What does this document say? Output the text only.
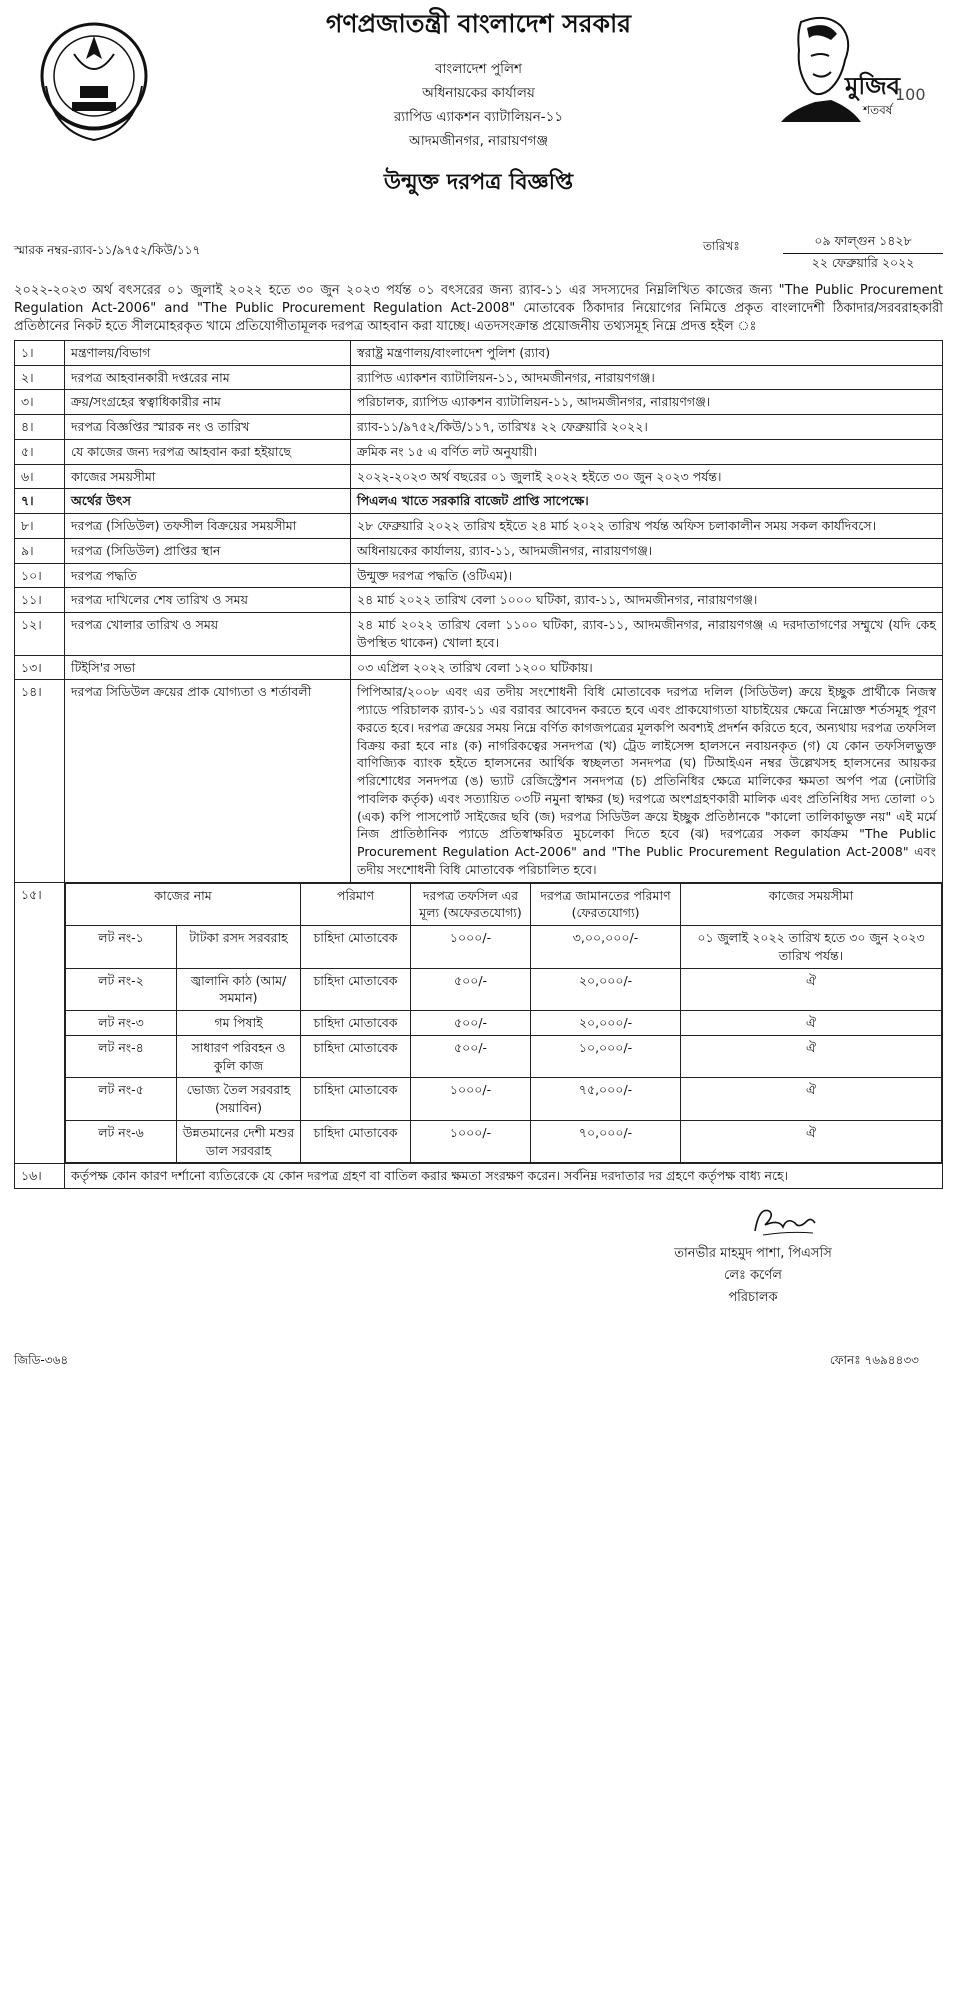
গণপ্রজাতন্ত্রী বাংলাদেশ সরকার
বাংলাদেশ পুলিশ
অধিনায়কের কার্যালয়
র‍্যাপিড এ্যাকশন ব্যাটালিয়ন-১১
আদমজীনগর, নারায়ণগঞ্জ
উন্মুক্ত দরপত্র বিজ্ঞপ্তি
মুজিব
শতবর্ষ
100
স্মারক নম্বর-র‍্যাব-১১/৯৭৫২/কিউ/১১৭	তারিখঃ	০৯ ফাল্গুন ১৪২৮
২২ ফেব্রুয়ারি ২০২২

২০২২-২০২৩ অর্থ বৎসরের ০১ জুলাই ২০২২ হতে ৩০ জুন ২০২৩ পর্যন্ত ০১ বৎসরের জন্য র‍্যাব-১১ এর সদস্যদের নিম্নলিখিত কাজের জন্য "The Public Procurement Regulation Act-2006" and "The Public Procurement Regulation Act-2008" মোতাবেক ঠিকাদার নিয়োগের নিমিত্তে প্রকৃত বাংলাদেশী ঠিকাদার/সরবরাহকারী প্রতিষ্ঠানের নিকট হতে সীলমোহরকৃত খামে প্রতিযোগীতামূলক দরপত্র আহবান করা যাচ্ছে। এতদসংক্রান্ত প্রয়োজনীয় তথ্যসমূহ নিম্নে প্রদত্ত হইল ঃ

১।	মন্ত্রণালয়/বিভাগ	স্বরাষ্ট্র মন্ত্রণালয়/বাংলাদেশ পুলিশ (র‍্যাব)
২।	দরপত্র আহবানকারী দপ্তরের নাম	র‍্যাপিড এ্যাকশন ব্যাটালিয়ন-১১, আদমজীনগর, নারায়ণগঞ্জ।
৩।	ক্রয়/সংগ্রহের স্বত্বাধিকারীর নাম	পরিচালক, র‍্যাপিড এ্যাকশন ব্যাটালিয়ন-১১, আদমজীনগর, নারায়ণগঞ্জ।
৪।	দরপত্র বিজ্ঞপ্তির স্মারক নং ও তারিখ	র‍্যাব-১১/৯৭৫২/কিউ/১১৭, তারিখঃ ২২ ফেব্রুয়ারি ২০২২।
৫।	যে কাজের জন্য দরপত্র আহবান করা হইয়াছে	ক্রমিক নং ১৫ এ বর্ণিত লট অনুযায়ী।
৬।	কাজের সময়সীমা	২০২২-২০২৩ অর্থ বছরের ০১ জুলাই ২০২২ হইতে ৩০ জুন ২০২৩ পর্যন্ত।
৭।	অর্থের উৎস	পিএলএ খাতে সরকারি বাজেট প্রাপ্তি সাপেক্ষে।
৮।	দরপত্র (সিডিউল) তফসীল বিক্রয়ের সময়সীমা	২৮ ফেব্রুয়ারি ২০২২ তারিখ হইতে ২৪ মার্চ ২০২২ তারিখ পর্যন্ত অফিস চলাকালীন সময় সকল কার্যদিবসে।
৯।	দরপত্র (সিডিউল) প্রাপ্তির স্থান	অধিনায়কের কার্যালয়, র‍্যাব-১১, আদমজীনগর, নারায়ণগঞ্জ।
১০।	দরপত্র পদ্ধতি	উন্মুক্ত দরপত্র পদ্ধতি (ওটিএম)।
১১।	দরপত্র দাখিলের শেষ তারিখ ও সময়	২৪ মার্চ ২০২২ তারিখ বেলা ১০০০ ঘটিকা, র‍্যাব-১১, আদমজীনগর, নারায়ণগঞ্জ।
১২।	দরপত্র খোলার তারিখ ও সময়	২৪ মার্চ ২০২২ তারিখ বেলা ১১০০ ঘটিকা, র‍্যাব-১১, আদমজীনগর, নারায়ণগঞ্জ এ দরদাতাগণের সম্মুখে (যদি কেহ উপস্থিত থাকেন) খোলা হবে।
১৩।	টিইসি'র সভা	০৩ এপ্রিল ২০২২ তারিখ বেলা ১২০০ ঘটিকায়।
১৪।	দরপত্র সিডিউল ক্রয়ের প্রাক যোগ্যতা ও শর্তাবলী	পিপিআর/২০০৮ এবং এর তদীয় সংশোধনী বিধি মোতাবেক দরপত্র দলিল (সিডিউল) ক্রয়ে ইচ্ছুক প্রার্থীকে নিজস্ব প্যাডে পরিচালক র‍্যাব-১১ এর বরাবর আবেদন করতে হবে এবং প্রাকযোগ্যতা যাচাইয়ের ক্ষেত্রে নিম্নোক্ত শর্তসমূহ পূরণ করতে হবে। দরপত্র ক্রয়ের সময় নিম্নে বর্ণিত কাগজপত্রের মূলকপি অবশ্যই প্রদর্শন করিতে হবে, অন্যথায় দরপত্র তফসিল বিক্রয় করা হবে নাঃ (ক) নাগরিকত্বের সনদপত্র (খ) ট্রেড লাইসেন্স হালসনে নবায়নকৃত (গ) যে কোন তফসিলভুক্ত বাণিজ্যিক ব্যাংক হইতে হালসনের আর্থিক স্বচ্ছলতা সনদপত্র (ঘ) টিআইএন নম্বর উল্লেখসহ হালসনের আয়কর পরিশোধের সনদপত্র (ঙ) ভ্যাট রেজিস্ট্রেশন সনদপত্র (চ) প্রতিনিধির ক্ষেত্রে মালিকের ক্ষমতা অর্পণ পত্র (নোটারি পাবলিক কর্তৃক) এবং সত্যায়িত ০৩টি নমুনা স্বাক্ষর (ছ) দরপত্রে অংশগ্রহণকারী মালিক এবং প্রতিনিধির সদ্য তোলা ০১ (এক) কপি পাসপোর্ট সাইজের ছবি (জ) দরপত্র সিডিউল ক্রয়ে ইচ্ছুক প্রতিষ্ঠানকে "কালো তালিকাভুক্ত নয়" এই মর্মে নিজ প্রাতিষ্ঠানিক প্যাডে প্রতিস্বাক্ষরিত মুচলেকা দিতে হবে (ঝ) দরপত্রের সকল কার্যক্রম "The Public Procurement Regulation Act-2006" and "The Public Procurement Regulation Act-2008" এবং তদীয় সংশোধনী বিধি মোতাবেক পরিচালিত হবে।
১৫।		কাজের নাম	পরিমাণ	দরপত্র তফসিল এর মূল্য (অফেরতযোগ্য)	দরপত্র জামানতের পরিমাণ (ফেরতযোগ্য)	কাজের সময়সীমা
লট নং-১	টাটকা রসদ সরবরাহ	চাহিদা মোতাবেক	১০০০/-	৩,০০,০০০/-	০১ জুলাই ২০২২ তারিখ হতে ৩০ জুন ২০২৩ তারিখ পর্যন্ত।
লট নং-২	জ্বালানি কাঠ (আম/সমমান)	চাহিদা মোতাবেক	৫০০/-	২০,০০০/-	ঐ
লট নং-৩	গম পিষাই	চাহিদা মোতাবেক	৫০০/-	২০,০০০/-	ঐ
লট নং-৪	সাধারণ পরিবহন ও কুলি কাজ	চাহিদা মোতাবেক	৫০০/-	১০,০০০/-	ঐ
লট নং-৫	ভোজ্য তৈল সরবরাহ (সয়াবিন)	চাহিদা মোতাবেক	১০০০/-	৭৫,০০০/-	ঐ
লট নং-৬	উন্নতমানের দেশী মশুর ডাল সরবরাহ	চাহিদা মোতাবেক	১০০০/-	৭০,০০০/-	ঐ

১৬।	কর্তৃপক্ষ কোন কারণ দর্শানো ব্যতিরেকে যে কোন দরপত্র গ্রহণ বা বাতিল করার ক্ষমতা সংরক্ষণ করেন। সর্বনিম্ন দরদাতার দর গ্রহণে কর্তৃপক্ষ বাধ্য নহে।
তানভীর মাহমুদ পাশা, পিএসসি
লেঃ কর্ণেল
পরিচালক
জিডি-৩৬৪	ফোনঃ ৭৬৯৪৪৩৩
